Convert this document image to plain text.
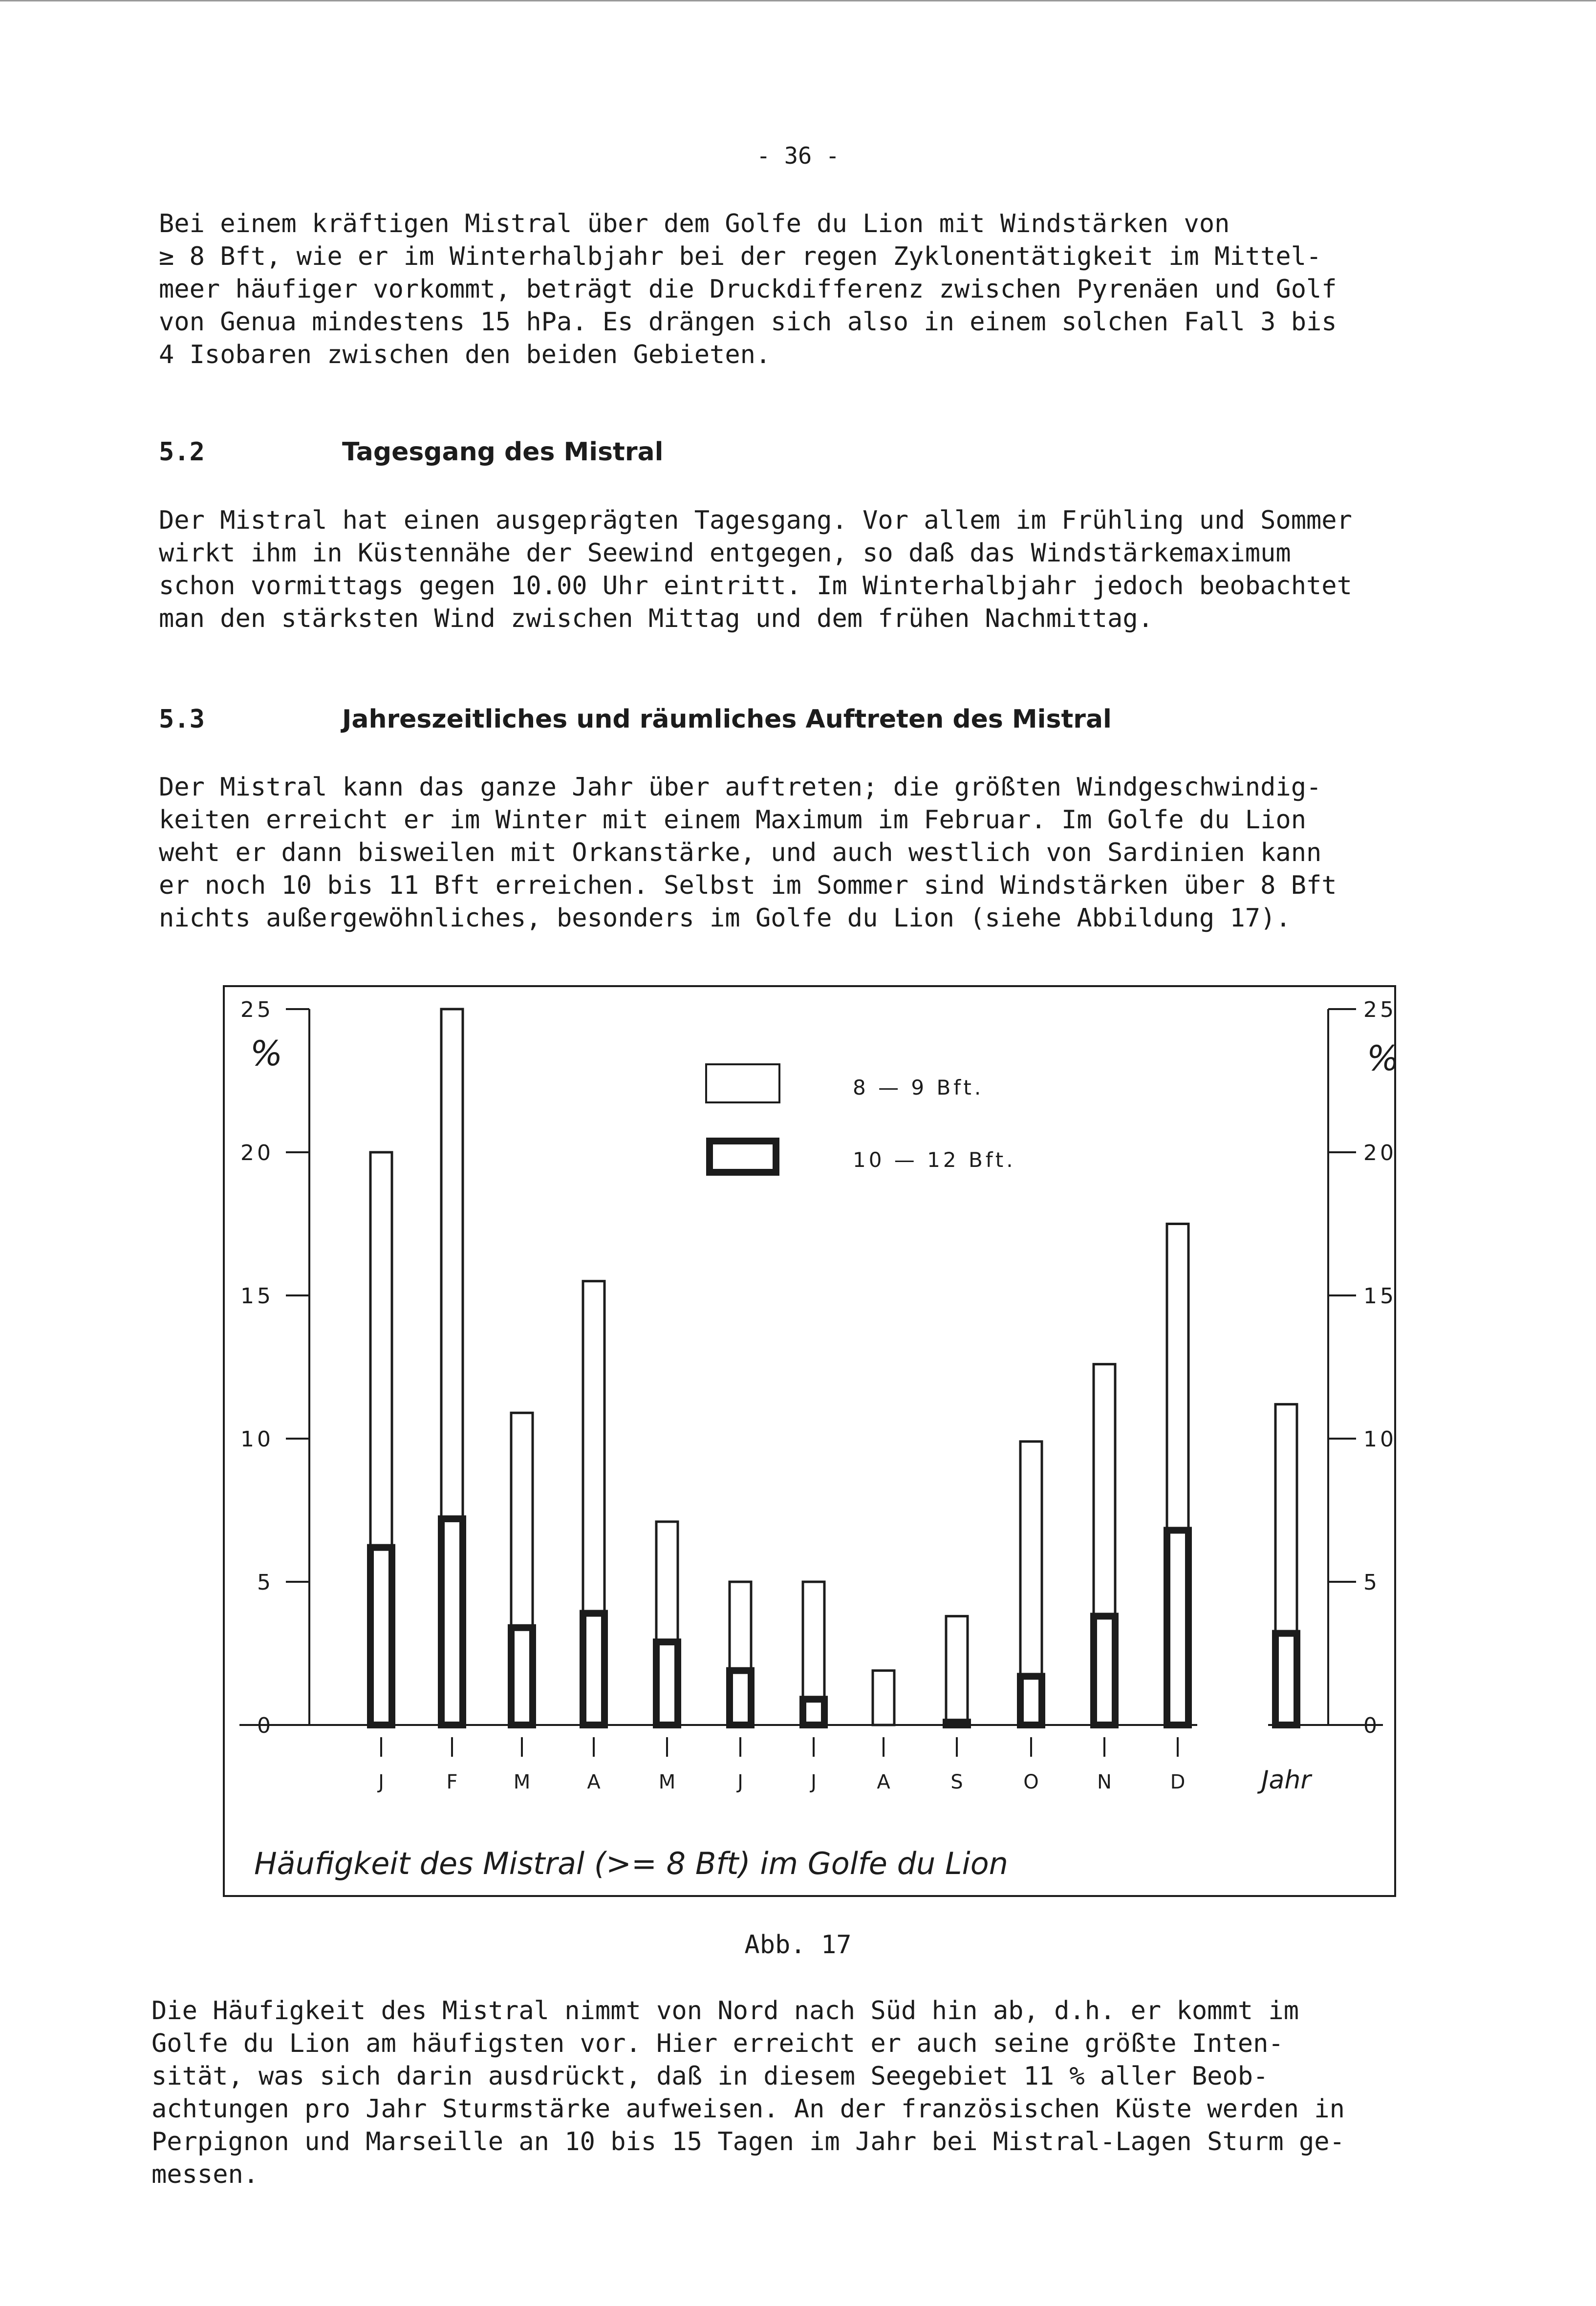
- 36 -

Bei einem kräftigen Mistral über dem Golfe du Lion mit Windstärken von
≥ 8 Bft, wie er im Winterhalbjahr bei der regen Zyklonentätigkeit im Mittel-
meer häufiger vorkommt, beträgt die Druckdifferenz zwischen Pyrenäen und Golf
von Genua mindestens 15 hPa. Es drängen sich also in einem solchen Fall 3 bis
4 Isobaren zwischen den beiden Gebieten.

5.2	Tagesgang des Mistral

Der Mistral hat einen ausgeprägten Tagesgang. Vor allem im Frühling und Sommer
wirkt ihm in Küstennähe der Seewind entgegen, so daß das Windstärkemaximum
schon vormittags gegen 10.00 Uhr eintritt. Im Winterhalbjahr jedoch beobachtet
man den stärksten Wind zwischen Mittag und dem frühen Nachmittag.

5.3	Jahreszeitliches und räumliches Auftreten des Mistral

Der Mistral kann das ganze Jahr über auftreten; die größten Windgeschwindig-
keiten erreicht er im Winter mit einem Maximum im Februar. Im Golfe du Lion
weht er dann bisweilen mit Orkanstärke, und auch westlich von Sardinien kann
er noch 10 bis 11 Bft erreichen. Selbst im Sommer sind Windstärken über 8 Bft
nichts außergewöhnliches, besonders im Golfe du Lion (siehe Abbildung 17).

0	0
5	5
10	10
15	15
20	20
25	25
%	%
J	F	M	A	M	J	J	A	S	O	N	D	Jahr
8 — 9 Bft.
10 — 12 Bft.
Häufigkeit des Mistral (>= 8 Bft) im Golfe du Lion
Abb. 17

Die Häufigkeit des Mistral nimmt von Nord nach Süd hin ab, d.h. er kommt im
Golfe du Lion am häufigsten vor. Hier erreicht er auch seine größte Inten-
sität, was sich darin ausdrückt, daß in diesem Seegebiet 11 % aller Beob-
achtungen pro Jahr Sturmstärke aufweisen. An der französischen Küste werden in
Perpignon und Marseille an 10 bis 15 Tagen im Jahr bei Mistral-Lagen Sturm ge-
messen.
